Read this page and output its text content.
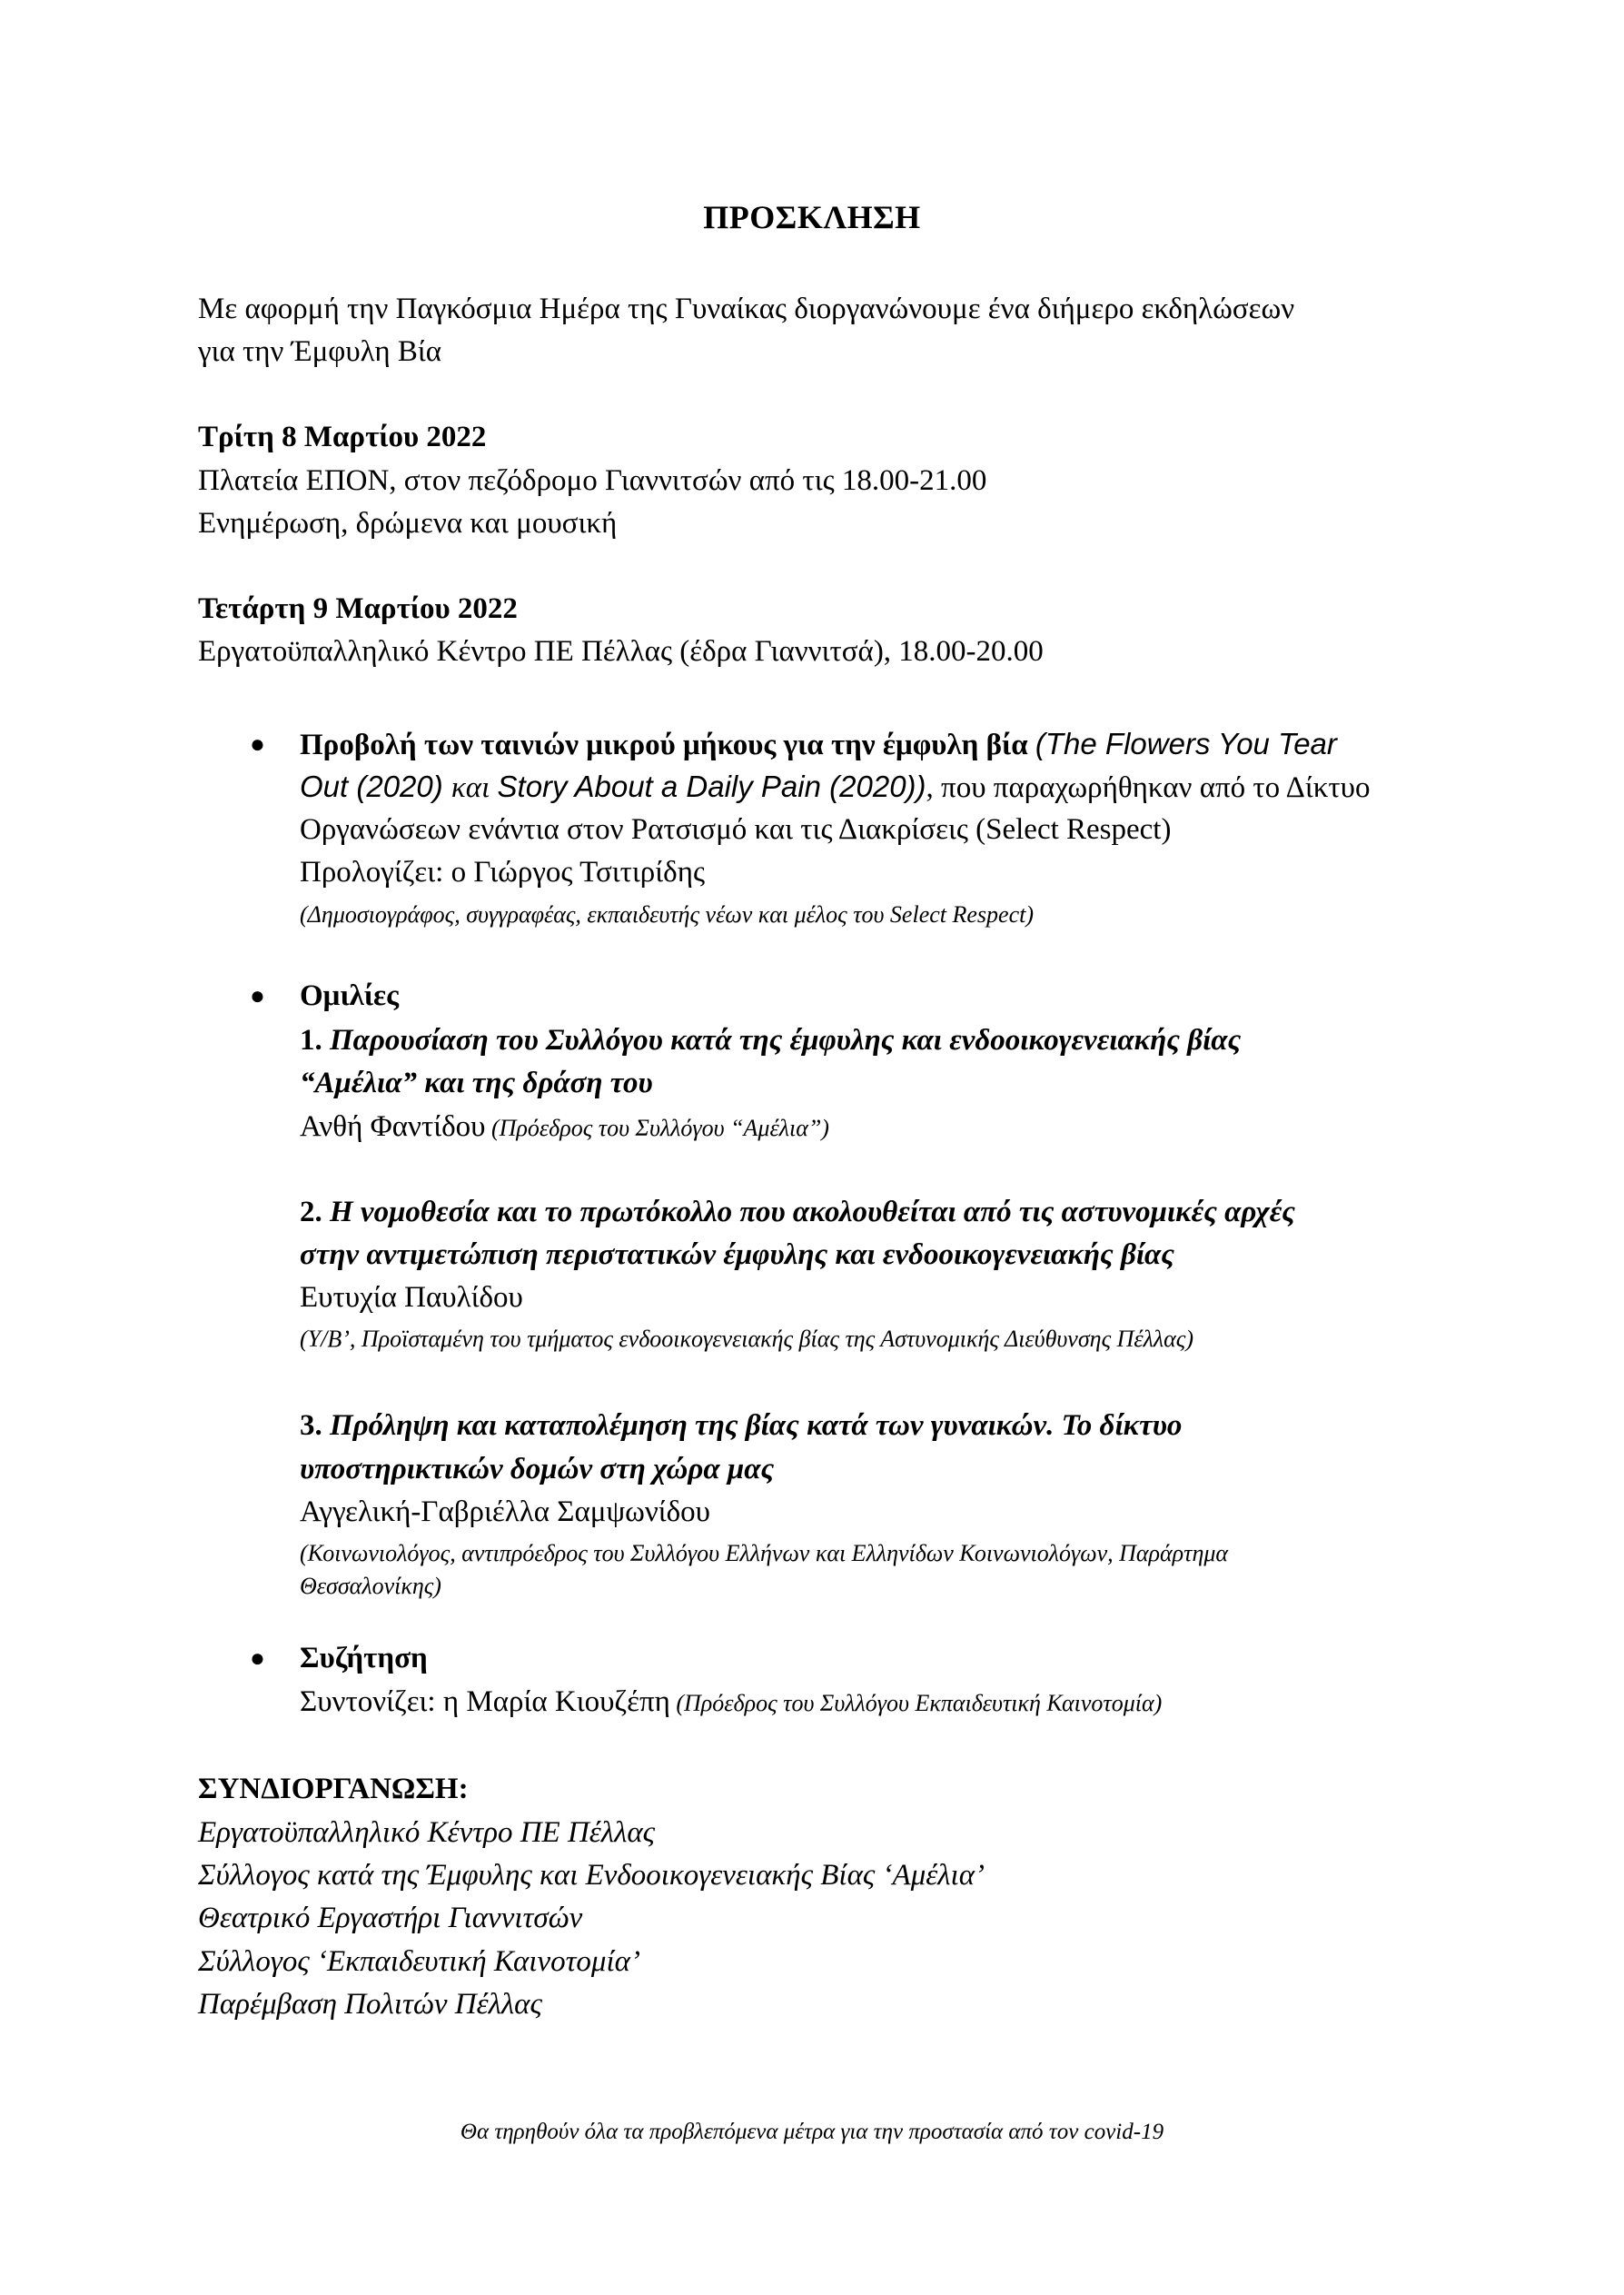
ΠΡΟΣΚΛΗΣΗ
Με αφορμή την Παγκόσμια Ημέρα της Γυναίκας διοργανώνουμε ένα διήμερο εκδηλώσεων
για την Έμφυλη Βία
Τρίτη 8 Μαρτίου 2022
Πλατεία ΕΠΟΝ, στον πεζόδρομο Γιαννιτσών από τις 18.00-21.00
Ενημέρωση, δρώμενα και μουσική
Τετάρτη 9 Μαρτίου 2022
Εργατοϋπαλληλικό Κέντρο ΠΕ Πέλλας (έδρα Γιαννιτσά), 18.00-20.00
● Προβολή των ταινιών μικρού μήκους για την έμφυλη βία (The Flowers You Tear
Out (2020) και Story About a Daily Pain (2020)), που παραχωρήθηκαν από το Δίκτυο
Οργανώσεων ενάντια στον Ρατσισμό και τις Διακρίσεις (Select Respect)
Προλογίζει: ο Γιώργος Τσιτιρίδης
(Δημοσιογράφος, συγγραφέας, εκπαιδευτής νέων και μέλος του Select Respect)
● Ομιλίες
1. Παρουσίαση του Συλλόγου κατά της έμφυλης και ενδοοικογενειακής βίας
“Αμέλια” και της δράση του
Ανθή Φαντίδου (Πρόεδρος του Συλλόγου “Αμέλια”)
2. Η νομοθεσία και το πρωτόκολλο που ακολουθείται από τις αστυνομικές αρχές
στην αντιμετώπιση περιστατικών έμφυλης και ενδοοικογενειακής βίας
Ευτυχία Παυλίδου
(Υ/Β’, Προϊσταμένη του τμήματος ενδοοικογενειακής βίας της Αστυνομικής Διεύθυνσης Πέλλας)
3. Πρόληψη και καταπολέμηση της βίας κατά των γυναικών. Το δίκτυο
υποστηρικτικών δομών στη χώρα μας
Αγγελική-Γαβριέλλα Σαμψωνίδου
(Κοινωνιολόγος, αντιπρόεδρος του Συλλόγου Ελλήνων και Ελληνίδων Κοινωνιολόγων, Παράρτημα
Θεσσαλονίκης)
● Συζήτηση
Συντονίζει: η Μαρία Κιουζέπη (Πρόεδρος του Συλλόγου Εκπαιδευτική Καινοτομία)
ΣΥΝΔΙΟΡΓΑΝΩΣΗ:
Εργατοϋπαλληλικό Κέντρο ΠΕ Πέλλας
Σύλλογος κατά της Έμφυλης και Ενδοοικογενειακής Βίας ‘Αμέλια’
Θεατρικό Εργαστήρι Γιαννιτσών
Σύλλογος ‘Εκπαιδευτική Καινοτομία’
Παρέμβαση Πολιτών Πέλλας
Θα τηρηθούν όλα τα προβλεπόμενα μέτρα για την προστασία από τον covid-19
